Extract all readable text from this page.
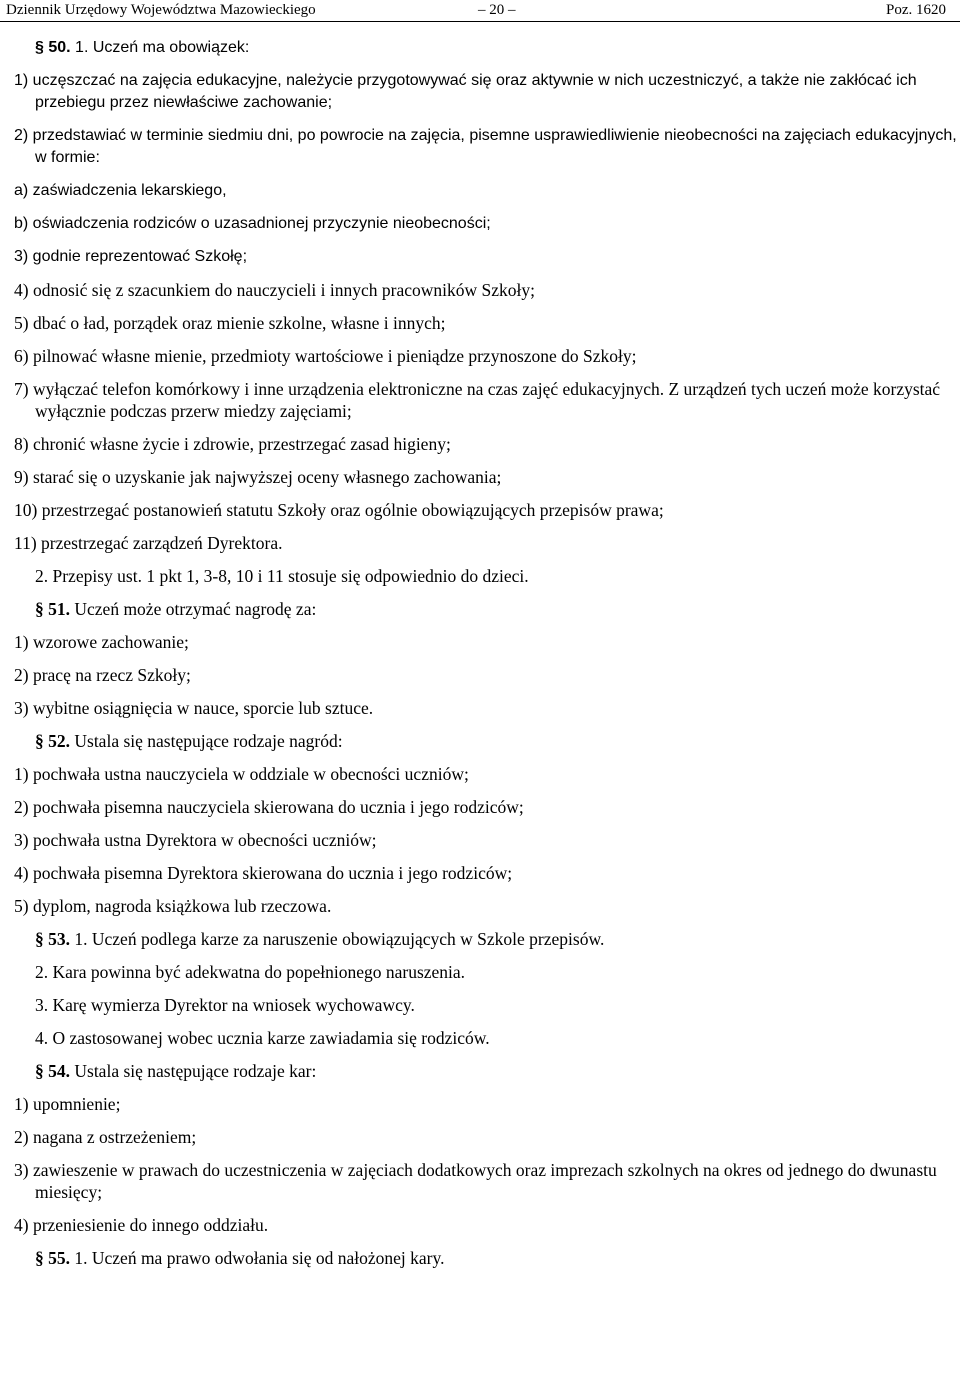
Dziennik Urzędowy Województwa Mazowieckiego	– 20 –	Poz. 1620

§ 50. 1. Uczeń ma obowiązek:

1) uczęszczać na zajęcia edukacyjne, należycie przygotowywać się oraz aktywnie w nich uczestniczyć, a także nie zakłócać ich przebiegu przez niewłaściwe zachowanie;

2) przedstawiać w terminie siedmiu dni, po powrocie na zajęcia, pisemne usprawiedliwienie nieobecności na zajęciach edukacyjnych, w formie:

a) zaświadczenia lekarskiego,

b) oświadczenia rodziców o uzasadnionej przyczynie nieobecności;

3) godnie reprezentować Szkołę;

4) odnosić się z szacunkiem do nauczycieli i innych pracowników Szkoły;

5) dbać o ład, porządek oraz mienie szkolne, własne i innych;

6) pilnować własne mienie, przedmioty wartościowe i pieniądze przynoszone do Szkoły;

7) wyłączać telefon komórkowy i inne urządzenia elektroniczne na czas zajęć edukacyjnych. Z urządzeń tych uczeń może korzystać wyłącznie podczas przerw miedzy zajęciami;

8) chronić własne życie i zdrowie, przestrzegać zasad higieny;

9) starać się o uzyskanie jak najwyższej oceny własnego zachowania;

10) przestrzegać postanowień statutu Szkoły oraz ogólnie obowiązujących przepisów prawa;

11) przestrzegać zarządzeń Dyrektora.

2. Przepisy ust. 1 pkt 1, 3-8, 10 i 11 stosuje się odpowiednio do dzieci.

§ 51. Uczeń może otrzymać nagrodę za:

1) wzorowe zachowanie;

2) pracę na rzecz Szkoły;

3) wybitne osiągnięcia w nauce, sporcie lub sztuce.

§ 52. Ustala się następujące rodzaje nagród:

1) pochwała ustna nauczyciela w oddziale w obecności uczniów;

2) pochwała pisemna nauczyciela skierowana do ucznia i jego rodziców;

3) pochwała ustna Dyrektora w obecności uczniów;

4) pochwała pisemna Dyrektora skierowana do ucznia i jego rodziców;

5) dyplom, nagroda książkowa lub rzeczowa.

§ 53. 1. Uczeń podlega karze za naruszenie obowiązujących w Szkole przepisów.

2. Kara powinna być adekwatna do popełnionego naruszenia.

3. Karę wymierza Dyrektor na wniosek wychowawcy.

4. O zastosowanej wobec ucznia karze zawiadamia się rodziców.

§ 54. Ustala się następujące rodzaje kar:

1) upomnienie;

2) nagana z ostrzeżeniem;

3) zawieszenie w prawach do uczestniczenia w zajęciach dodatkowych oraz imprezach szkolnych na okres od jednego do dwunastu miesięcy;

4) przeniesienie do innego oddziału.

§ 55. 1. Uczeń ma prawo odwołania się od nałożonej kary.
